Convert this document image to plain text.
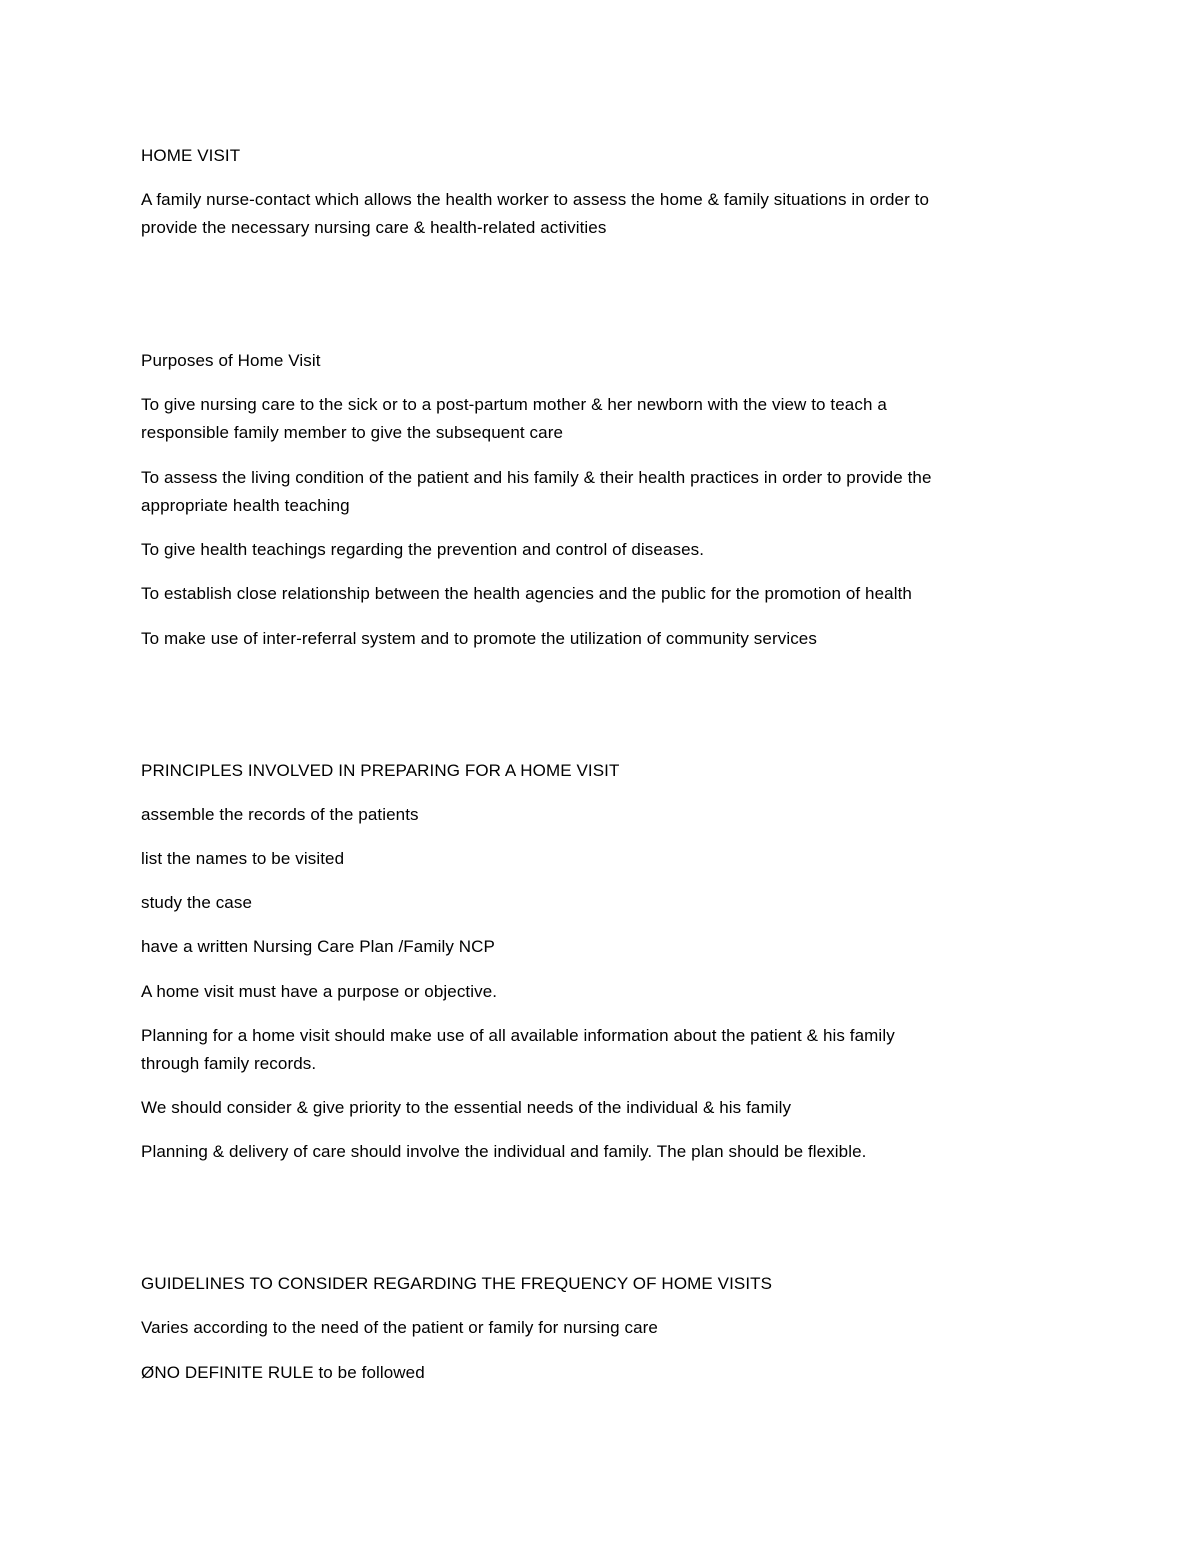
HOME VISIT

A family nurse-contact which allows the health worker to assess the home & family situations in order to

provide the necessary nursing care & health-related activities

Purposes of Home Visit

To give nursing care to the sick or to a post-partum mother & her newborn with the view to teach a

responsible family member to give the subsequent care

To assess the living condition of the patient and his family & their health practices in order to provide the

appropriate health teaching

To give health teachings regarding the prevention and control of diseases.

To establish close relationship between the health agencies and the public for the promotion of health

To make use of inter-referral system and to promote the utilization of community services

PRINCIPLES INVOLVED IN PREPARING FOR A HOME VISIT

assemble the records of the patients

list the names to be visited

study the case

have a written Nursing Care Plan /Family NCP

A home visit must have a purpose or objective.

Planning for a home visit should make use of all available information about the patient & his family

through family records.

We should consider & give priority to the essential needs of the individual & his family

Planning & delivery of care should involve the individual and family. The plan should be flexible.

GUIDELINES TO CONSIDER REGARDING THE FREQUENCY OF HOME VISITS

Varies according to the need of the patient or family for nursing care

ØNO DEFINITE RULE to be followed
